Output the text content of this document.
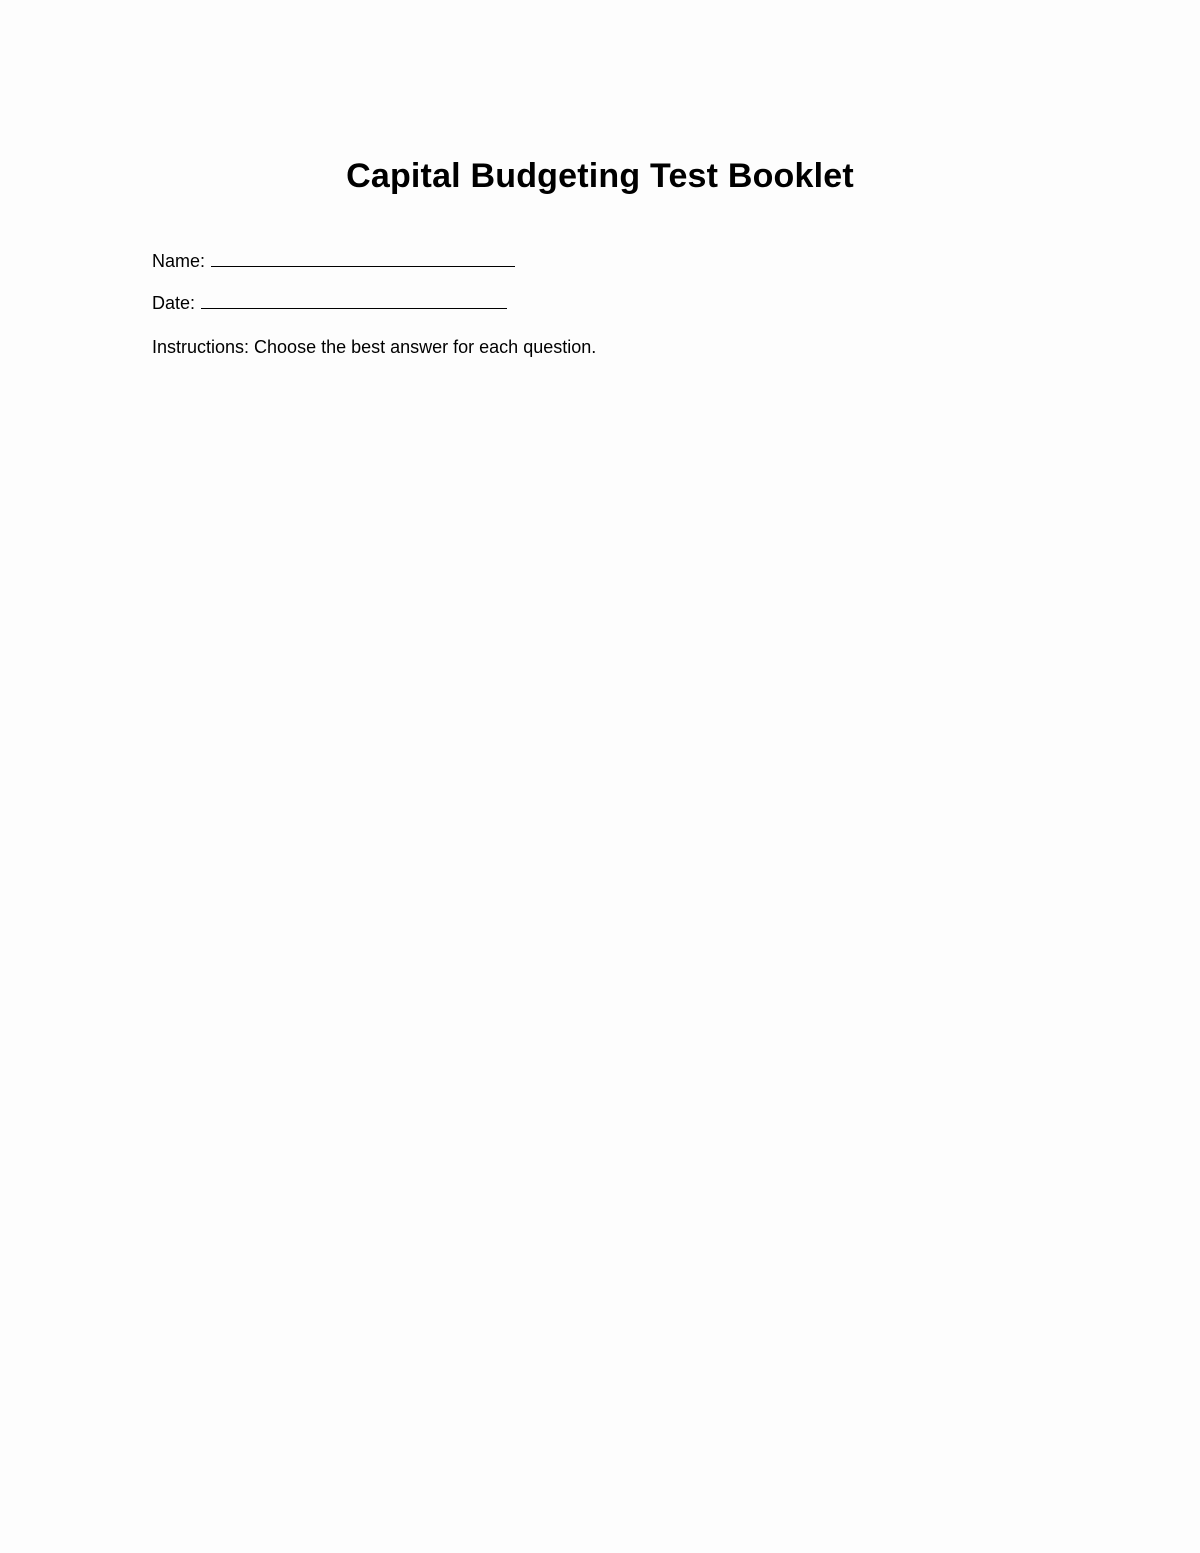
Capital Budgeting Test Booklet
Name:
Date:
Instructions: Choose the best answer for each question.
